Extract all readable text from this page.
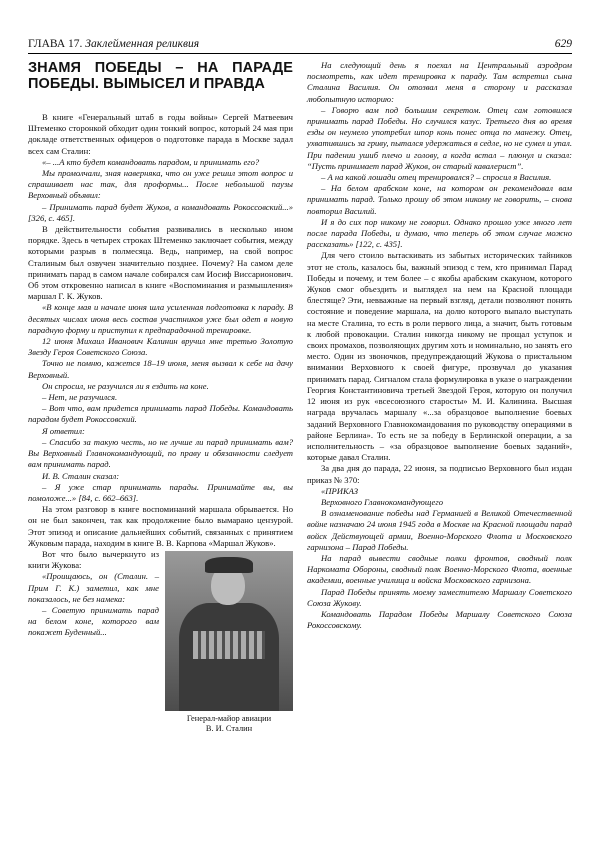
ГЛАВА 17. Заклейменная реликвия	629
ЗНАМЯ ПОБЕДЫ – НА ПАРАДЕ ПОБЕДЫ. ВЫМЫСЕЛ И ПРАВДА

В книге «Генеральный штаб в годы войны» Сергей Матвеевич Штеменко сторонкой обходит один тонкий вопрос, который 24 мая при докладе ответственных офицеров о подготовке парада в Москве задал всех сам Сталин:

«– ...А кто будет командовать парадом, и принимать его?

Мы промолчали, зная наверняка, что он уже решил этот вопрос и спрашивает нас так, для проформы... После небольшой паузы Верховный объявил:

– Принимать парад будет Жуков, а командовать Рокоссовский...» [326, с. 465].

В действительности события развивались в несколько ином порядке. Здесь в четырех строках Штеменко заключает события, между которыми разрыв в полмесяца. Ведь, например, на свой вопрос Сталиным был озвучен значительно позднее. Почему? На самом деле принимать парад в самом начале собирался сам Иосиф Виссарионович. Об этом откровенно написал в книге «Воспоминания и размышления» маршал Г. К. Жуков.

«В конце мая и начале июня шла усиленная подготовка к параду. В десятых числах июня весь состав участников уже был одет в новую парадную форму и приступил к предпарадочной тренировке.

12 июня Михаил Иванович Калинин вручил мне третью Золотую Звезду Героя Советского Союза.

Точно не помню, кажется 18–19 июня, меня вызвал к себе на дачу Верховный.

Он спросил, не разучился ли я ездить на коне.

– Нет, не разучился.

– Вот что, вам придется принимать парад Победы. Командовать парадом будет Рокоссовский.

Я ответил:

– Спасибо за такую честь, но не лучше ли парад принимать вам? Вы Верховный Главнокомандующий, по праву и обязанности следует вам принимать парад.

И. В. Сталин сказал:

– Я уже стар принимать парады. Принимайте вы, вы помоложе...» [84, с. 662–663].

На этом разговор в книге воспоминаний маршала обрывается. Но он не был закончен, так как продолжение было вымарано цензурой. Этот эпизод и описание дальнейших событий, связанных с принятием Жуковым парада, находим в книге В. В. Карпова «Маршал Жуков».

Генерал-майор авиации
В. И. Сталин

Вот что было вычеркнуто из книги Жукова:

«Проищаюсь, он (Сталин. – Прим Г. К.) заметил, как мне показалось, не без намека:

– Советую принимать парад на белом коне, которого вам покажет Буденный...

На следующий день я поехал на Центральный аэродром посмотреть, как идет тренировка к параду. Там встретил сына Сталина Василия. Он отозвал меня в сторону и рассказал любопытную историю:

– Говорю вам под большим секретом. Отец сам готовился принимать парад Победы. Но случился казус. Третьего дня во время езды он неумело употребил шпор конь понес отца по манежу. Отец, ухватившись за гриву, пытался удержаться в седле, но не сумел и упал. При падении ушиб плечо и голову, а когда встал – плюнул и сказал: “Пусть принимает парад Жуков, он старый кавалерист”.

– А на какой лошади отец тренировался? – спросил я Василия.

– На белом арабском коне, на котором он рекомендовал вам принимать парад. Только прошу об этом никому не говорить, – снова повторил Василий.

И я до сих пор никому не говорил. Однако прошло уже много лет после парада Победы, и думаю, что теперь об этом случае можно рассказать» [122, с. 435].

Для чего стоило вытаскивать из забытых исторических тайников этот не столь, казалось бы, важный эпизод с тем, кто принимал Парад Победы и почему, и тем более – с якобы арабским скакуном, которого Жуков смог объездить и выглядел на нем на Красной площади блестяще? Эти, невважные на первый взгляд, детали позволяют понять состояние и поведение маршала, на долю которого выпало выступать на месте Сталина, то есть в роли первого лица, а значит, быть готовым к любой провокации. Сталин никогда никому не прощал уступок и своих промахов, позволяющих другим хоть и номинально, но занять его место. Один из звоночков, предупреждающий Жукова о пристальном внимании Верховного к своей фигуре, прозвучал до указания принимать парад. Сигналом стала формулировка в указе о награждении Георгия Константиновича третьей Звездой Героя, которую он получил 12 июня из рук «всесоюзного старосты» М. И. Калинина. Высшая награда вручалась маршалу «...за образцовое выполнение боевых заданий Верховного Главнокомандования по руководству операциями в районе Берлина». То есть не за победу в Берлинской операции, а за исполнительность – «за образцовое выполнение боевых заданий», которые давал Сталин.

За два дня до парада, 22 июня, за подписью Верховного был издан приказ № 370:

«ПРИКАЗ

Верховного Главнокомандующего

В ознаменование победы над Германией в Великой Отечественной войне назначаю 24 июня 1945 года в Москве на Красной площади парад войск Действующей армии, Военно-Морского Флота и Московского гарнизона – Парад Победы.

На парад вывести сводные полки фронтов, сводный полк Наркомата Обороны, сводный полк Военно-Морского Флота, военные академии, военные училища и войска Московского гарнизона.

Парад Победы принять моему заместителю Маршалу Советского Союза Жукову.

Командовать Парадом Победы Маршалу Советского Союза Рокоссовскому.
